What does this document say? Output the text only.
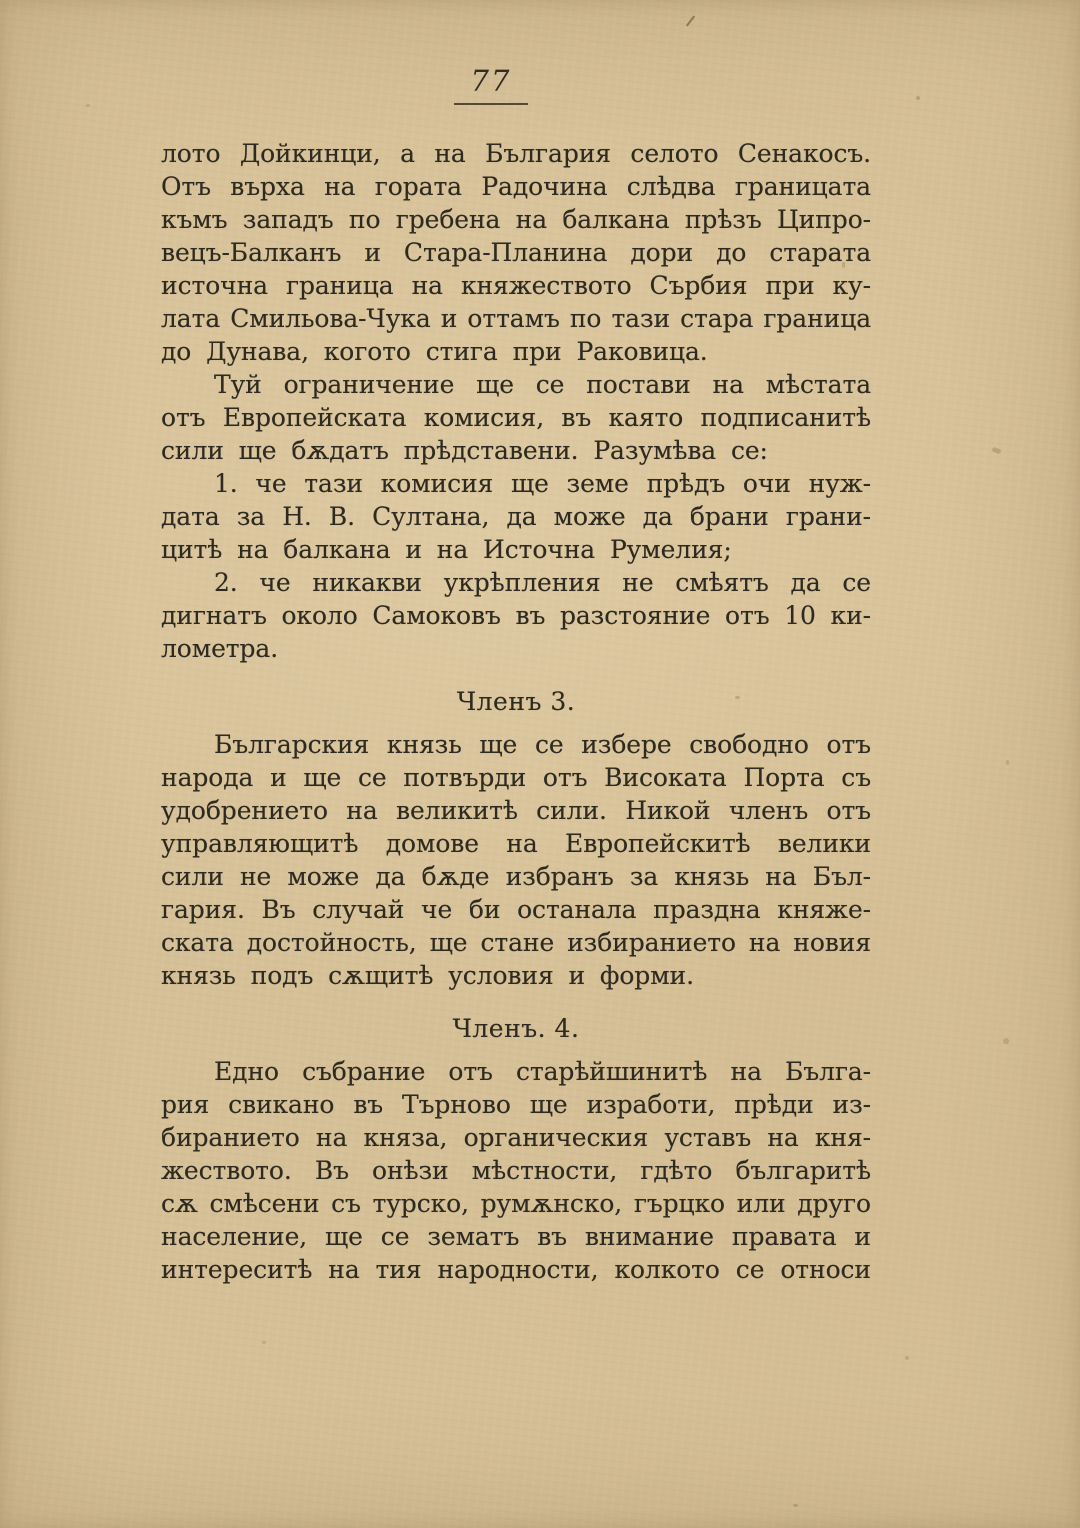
77
лото Дойкинци, а на България селото Сенакосъ.
Отъ върха на гората Радочина слѣдва границата
къмъ западъ по гребена на балкана прѣзъ Ципро-
вецъ-Балканъ и Стара-Планина дори до старата
источна граница на княжеството Сърбия при ку-
лата Смильова-Чука и оттамъ по тази стара граница
до Дунава, когото стига при Раковица.
Туй ограничение ще се постави на мѣстата
отъ Европейската комисия, въ каято подписанитѣ
сили ще бѫдатъ прѣдставени. Разумѣва се:
1. че тази комисия ще земе прѣдъ очи нуж-
дата за Н. В. Султана, да може да брани грани-
цитѣ на балкана и на Источна Румелия;
2. че никакви укрѣпления не смѣятъ да се
дигнатъ около Самоковъ въ разстояние отъ 10 ки-
лометра.
Членъ 3.
Българския князь ще се избере свободно отъ
народа и ще се потвърди отъ Високата Порта съ
удобрението на великитѣ сили. Никой членъ отъ
управляющитѣ домове на Европейскитѣ велики
сили не може да бѫде избранъ за князь на Бъл-
гария. Въ случай че би останала праздна княже-
ската достойность, ще стане избиранието на новия
князь подъ сѫщитѣ условия и форми.
Членъ. 4.
Едно събрание отъ старѣйшинитѣ на Бълга-
рия свикано въ Търново ще изработи, прѣди из-
биранието на княза, органическия уставъ на кня-
жеството. Въ онѣзи мѣстности, гдѣто българитѣ
сѫ смѣсени съ турско, румѫнско, гърцко или друго
население, ще се зематъ въ внимание правата и
интереситѣ на тия народности, колкото се относи
